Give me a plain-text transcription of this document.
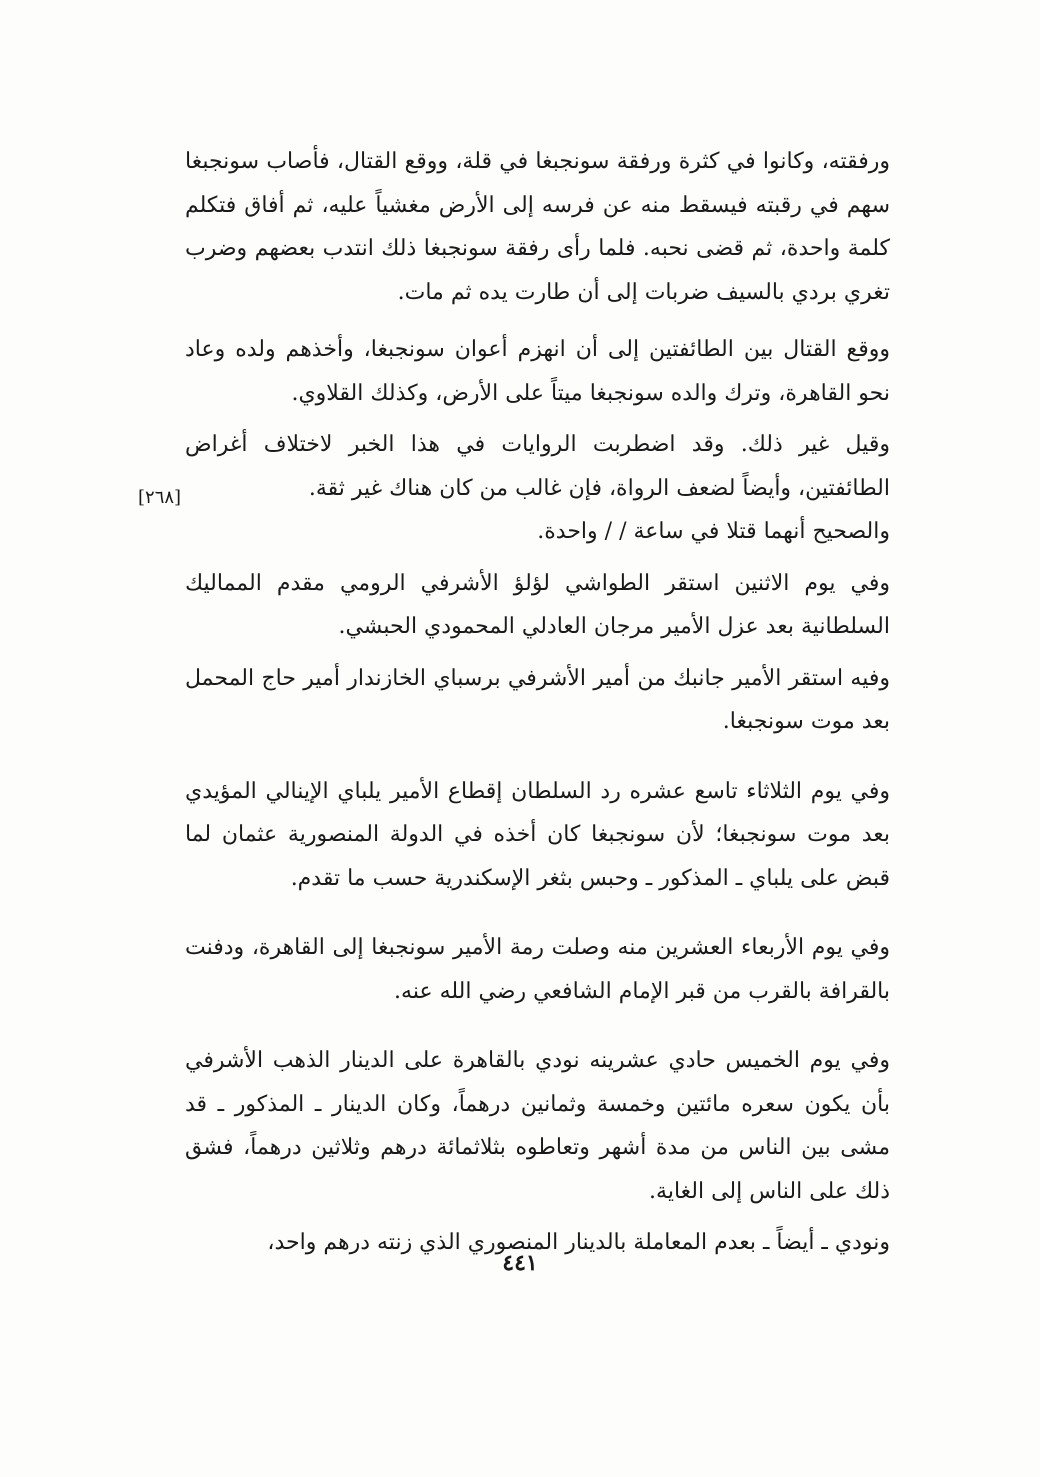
ورفقته، وكانوا في كثرة ورفقة سونجبغا في قلة، ووقع القتال، فأصاب سونجبغا سهم في رقبته فيسقط منه عن فرسه إلى الأرض مغشياً عليه، ثم أفاق فتكلم كلمة واحدة، ثم قضى نحبه. فلما رأى رفقة سونجبغا ذلك انتدب بعضهم وضرب تغري بردي بالسيف ضربات إلى أن طارت يده ثم مات.

ووقع القتال بين الطائفتين إلى أن انهزم أعوان سونجبغا، وأخذهم ولده وعاد نحو القاهرة، وترك والده سونجبغا ميتاً على الأرض، وكذلك القلاوي.

وقيل غير ذلك. وقد اضطربت الروايات في هذا الخبر لاختلاف أغراض الطائفتين، وأيضاً لضعف الرواة، فإن غالب من كان هناك غير ثقة.

والصحيح أنهما قتلا في ساعة / / واحدة.

وفي يوم الاثنين استقر الطواشي لؤلؤ الأشرفي الرومي مقدم المماليك السلطانية بعد عزل الأمير مرجان العادلي المحمودي الحبشي.

وفيه استقر الأمير جانبك من أمير الأشرفي برسباي الخازندار أمير حاج المحمل بعد موت سونجبغا.

وفي يوم الثلاثاء تاسع عشره رد السلطان إقطاع الأمير يلباي الإينالي المؤيدي بعد موت سونجبغا؛ لأن سونجبغا كان أخذه في الدولة المنصورية عثمان لما قبض على يلباي ـ المذكور ـ وحبس بثغر الإسكندرية حسب ما تقدم.

وفي يوم الأربعاء العشرين منه وصلت رمة الأمير سونجبغا إلى القاهرة، ودفنت بالقرافة بالقرب من قبر الإمام الشافعي رضي الله عنه.

وفي يوم الخميس حادي عشرينه نودي بالقاهرة على الدينار الذهب الأشرفي بأن يكون سعره مائتين وخمسة وثمانين درهماً، وكان الدينار ـ المذكور ـ قد مشى بين الناس من مدة أشهر وتعاطوه بثلاثمائة درهم وثلاثين درهماً، فشق ذلك على الناس إلى الغاية.

ونودي ـ أيضاً ـ بعدم المعاملة بالدينار المنصوري الذي زنته درهم واحد،

[٢٦٨]
٤٤١
